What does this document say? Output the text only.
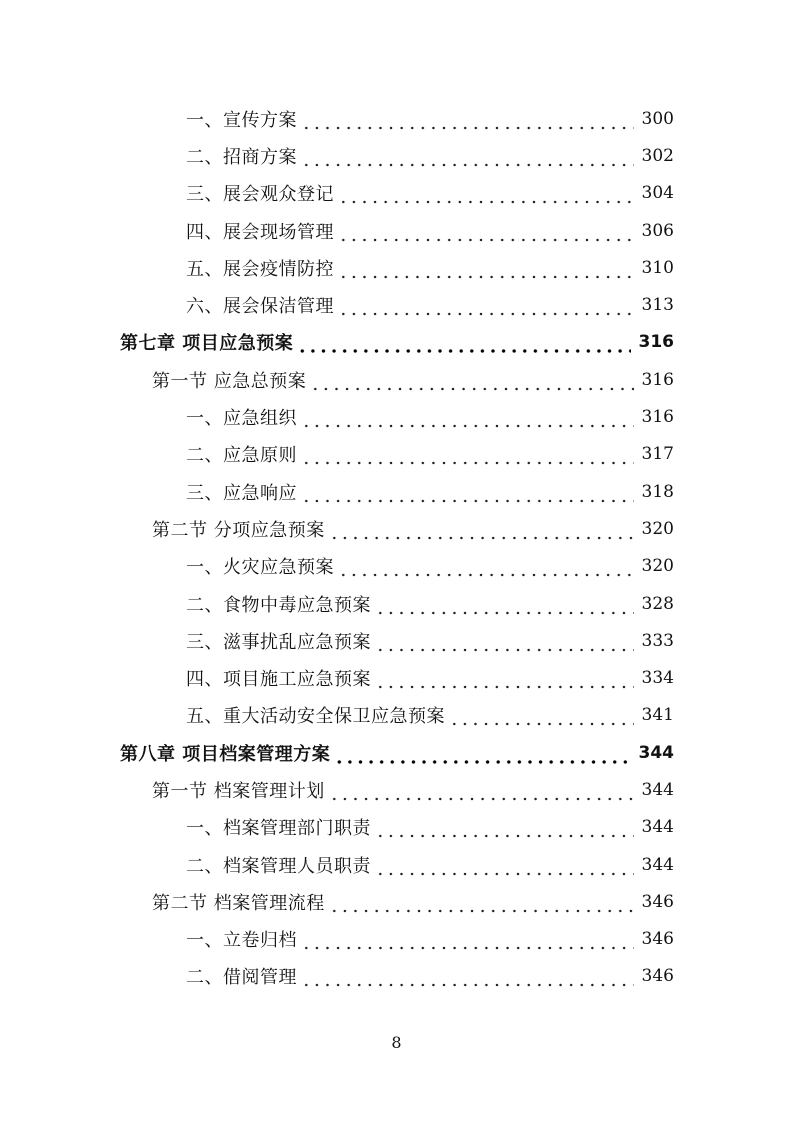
一、宣传方案	300
二、招商方案	302
三、展会观众登记	304
四、展会现场管理	306
五、展会疫情防控	310
六、展会保洁管理	313
第七章 项目应急预案	316
第一节 应急总预案	316
一、应急组织	316
二、应急原则	317
三、应急响应	318
第二节 分项应急预案	320
一、火灾应急预案	320
二、食物中毒应急预案	328
三、滋事扰乱应急预案	333
四、项目施工应急预案	334
五、重大活动安全保卫应急预案	341
第八章 项目档案管理方案	344
第一节 档案管理计划	344
一、档案管理部门职责	344
二、档案管理人员职责	344
第二节 档案管理流程	346
一、立卷归档	346
二、借阅管理	346
8
